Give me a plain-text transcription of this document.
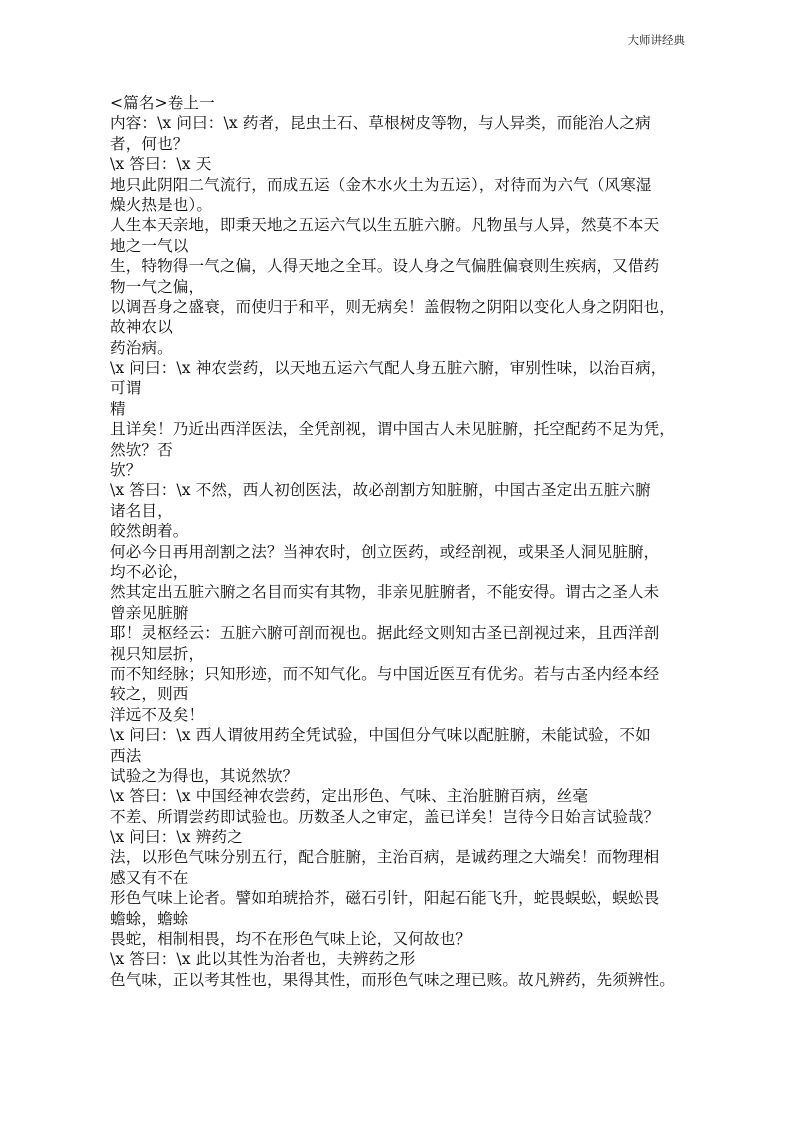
大师讲经典
<篇名>卷上一
内容：\x 问曰：\x 药者，昆虫土石、草根树皮等物，与人异类，而能治人之病
者，何也？
\x 答曰：\x 天
地只此阴阳二气流行，而成五运（金木水火土为五运），对待而为六气（风寒湿
燥火热是也）。
人生本天亲地，即秉天地之五运六气以生五脏六腑。凡物虽与人异，然莫不本天
地之一气以
生，特物得一气之偏，人得天地之全耳。设人身之气偏胜偏衰则生疾病，又借药
物一气之偏，
以调吾身之盛衰，而使归于和平，则无病矣！盖假物之阴阳以变化人身之阴阳也，
故神农以
药治病。
\x 问曰：\x 神农尝药，以天地五运六气配人身五脏六腑，审别性味，以治百病，
可谓
精
且详矣！乃近出西洋医法，全凭剖视，谓中国古人未见脏腑，托空配药不足为凭，
然欤？否
欤？
\x 答曰：\x 不然，西人初创医法，故必剖割方知脏腑，中国古圣定出五脏六腑
诸名目，
皎然朗着。
何必今日再用剖割之法？当神农时，创立医药，或经剖视，或果圣人洞见脏腑，
均不必论，
然其定出五脏六腑之名目而实有其物，非亲见脏腑者，不能安得。谓古之圣人未
曾亲见脏腑
耶！灵枢经云：五脏六腑可剖而视也。据此经文则知古圣已剖视过来，且西洋剖
视只知层折，
而不知经脉；只知形迹，而不知气化。与中国近医互有优劣。若与古圣内经本经
较之，则西
洋远不及矣！
\x 问曰：\x 西人谓彼用药全凭试验，中国但分气味以配脏腑，未能试验，不如
西法
试验之为得也，其说然欤？
\x 答曰：\x 中国经神农尝药，定出形色、气味、主治脏腑百病，丝毫
不差、所谓尝药即试验也。历数圣人之审定，盖已详矣！岂待今日始言试验哉？
\x 问曰：\x 辨药之
法，以形色气味分别五行，配合脏腑，主治百病，是诚药理之大端矣！而物理相
感又有不在
形色气味上论者。譬如珀琥拾芥，磁石引针，阳起石能飞升，蛇畏蜈蚣，蜈蚣畏
蟾蜍，蟾蜍
畏蛇，相制相畏，均不在形色气味上论，又何故也？
\x 答曰：\x 此以其性为治者也，夫辨药之形
色气味，正以考其性也，果得其性，而形色气味之理已赅。故凡辨药，先须辨性。
